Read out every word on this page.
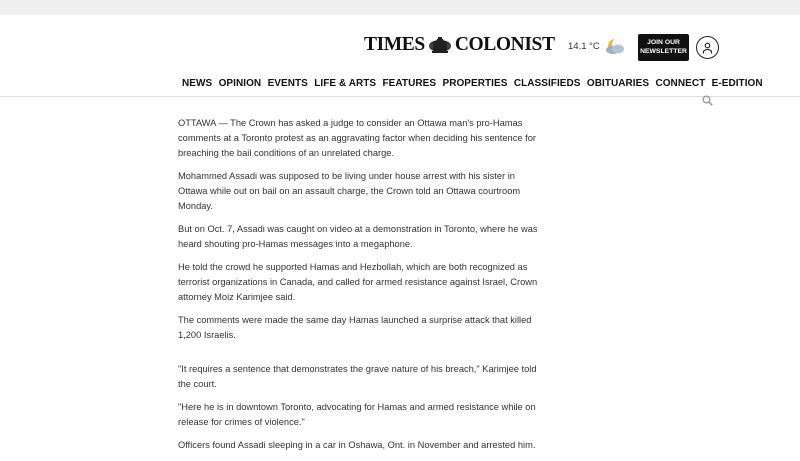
TIMES COLONIST 14.1 °C	JOIN OUR
NEWSLETTER
NEWS OPINION EVENTS LIFE & ARTS FEATURES PROPERTIES CLASSIFIEDS OBITUARIES CONNECT E-EDITION

OTTAWA — The Crown has asked a judge to consider an Ottawa man's pro-Hamas comments at a Toronto protest as an aggravating factor when deciding his sentence for breaching the bail conditions of an unrelated charge.

Mohammed Assadi was supposed to be living under house arrest with his sister in Ottawa while out on bail on an assault charge, the Crown told an Ottawa courtroom Monday.

But on Oct. 7, Assadi was caught on video at a demonstration in Toronto, where he was heard shouting pro-Hamas messages into a megaphone.

He told the crowd he supported Hamas and Hezbollah, which are both recognized as terrorist organizations in Canada, and called for armed resistance against Israel, Crown attorney Moiz Karimjee said.

The comments were made the same day Hamas launched a surprise attack that killed 1,200 Israelis.

"It requires a sentence that demonstrates the grave nature of his breach," Karimjee told the court.

"Here he is in downtown Toronto, advocating for Hamas and armed resistance while on release for crimes of violence."

Officers found Assadi sleeping in a car in Oshawa, Ont. in November and arrested him.
